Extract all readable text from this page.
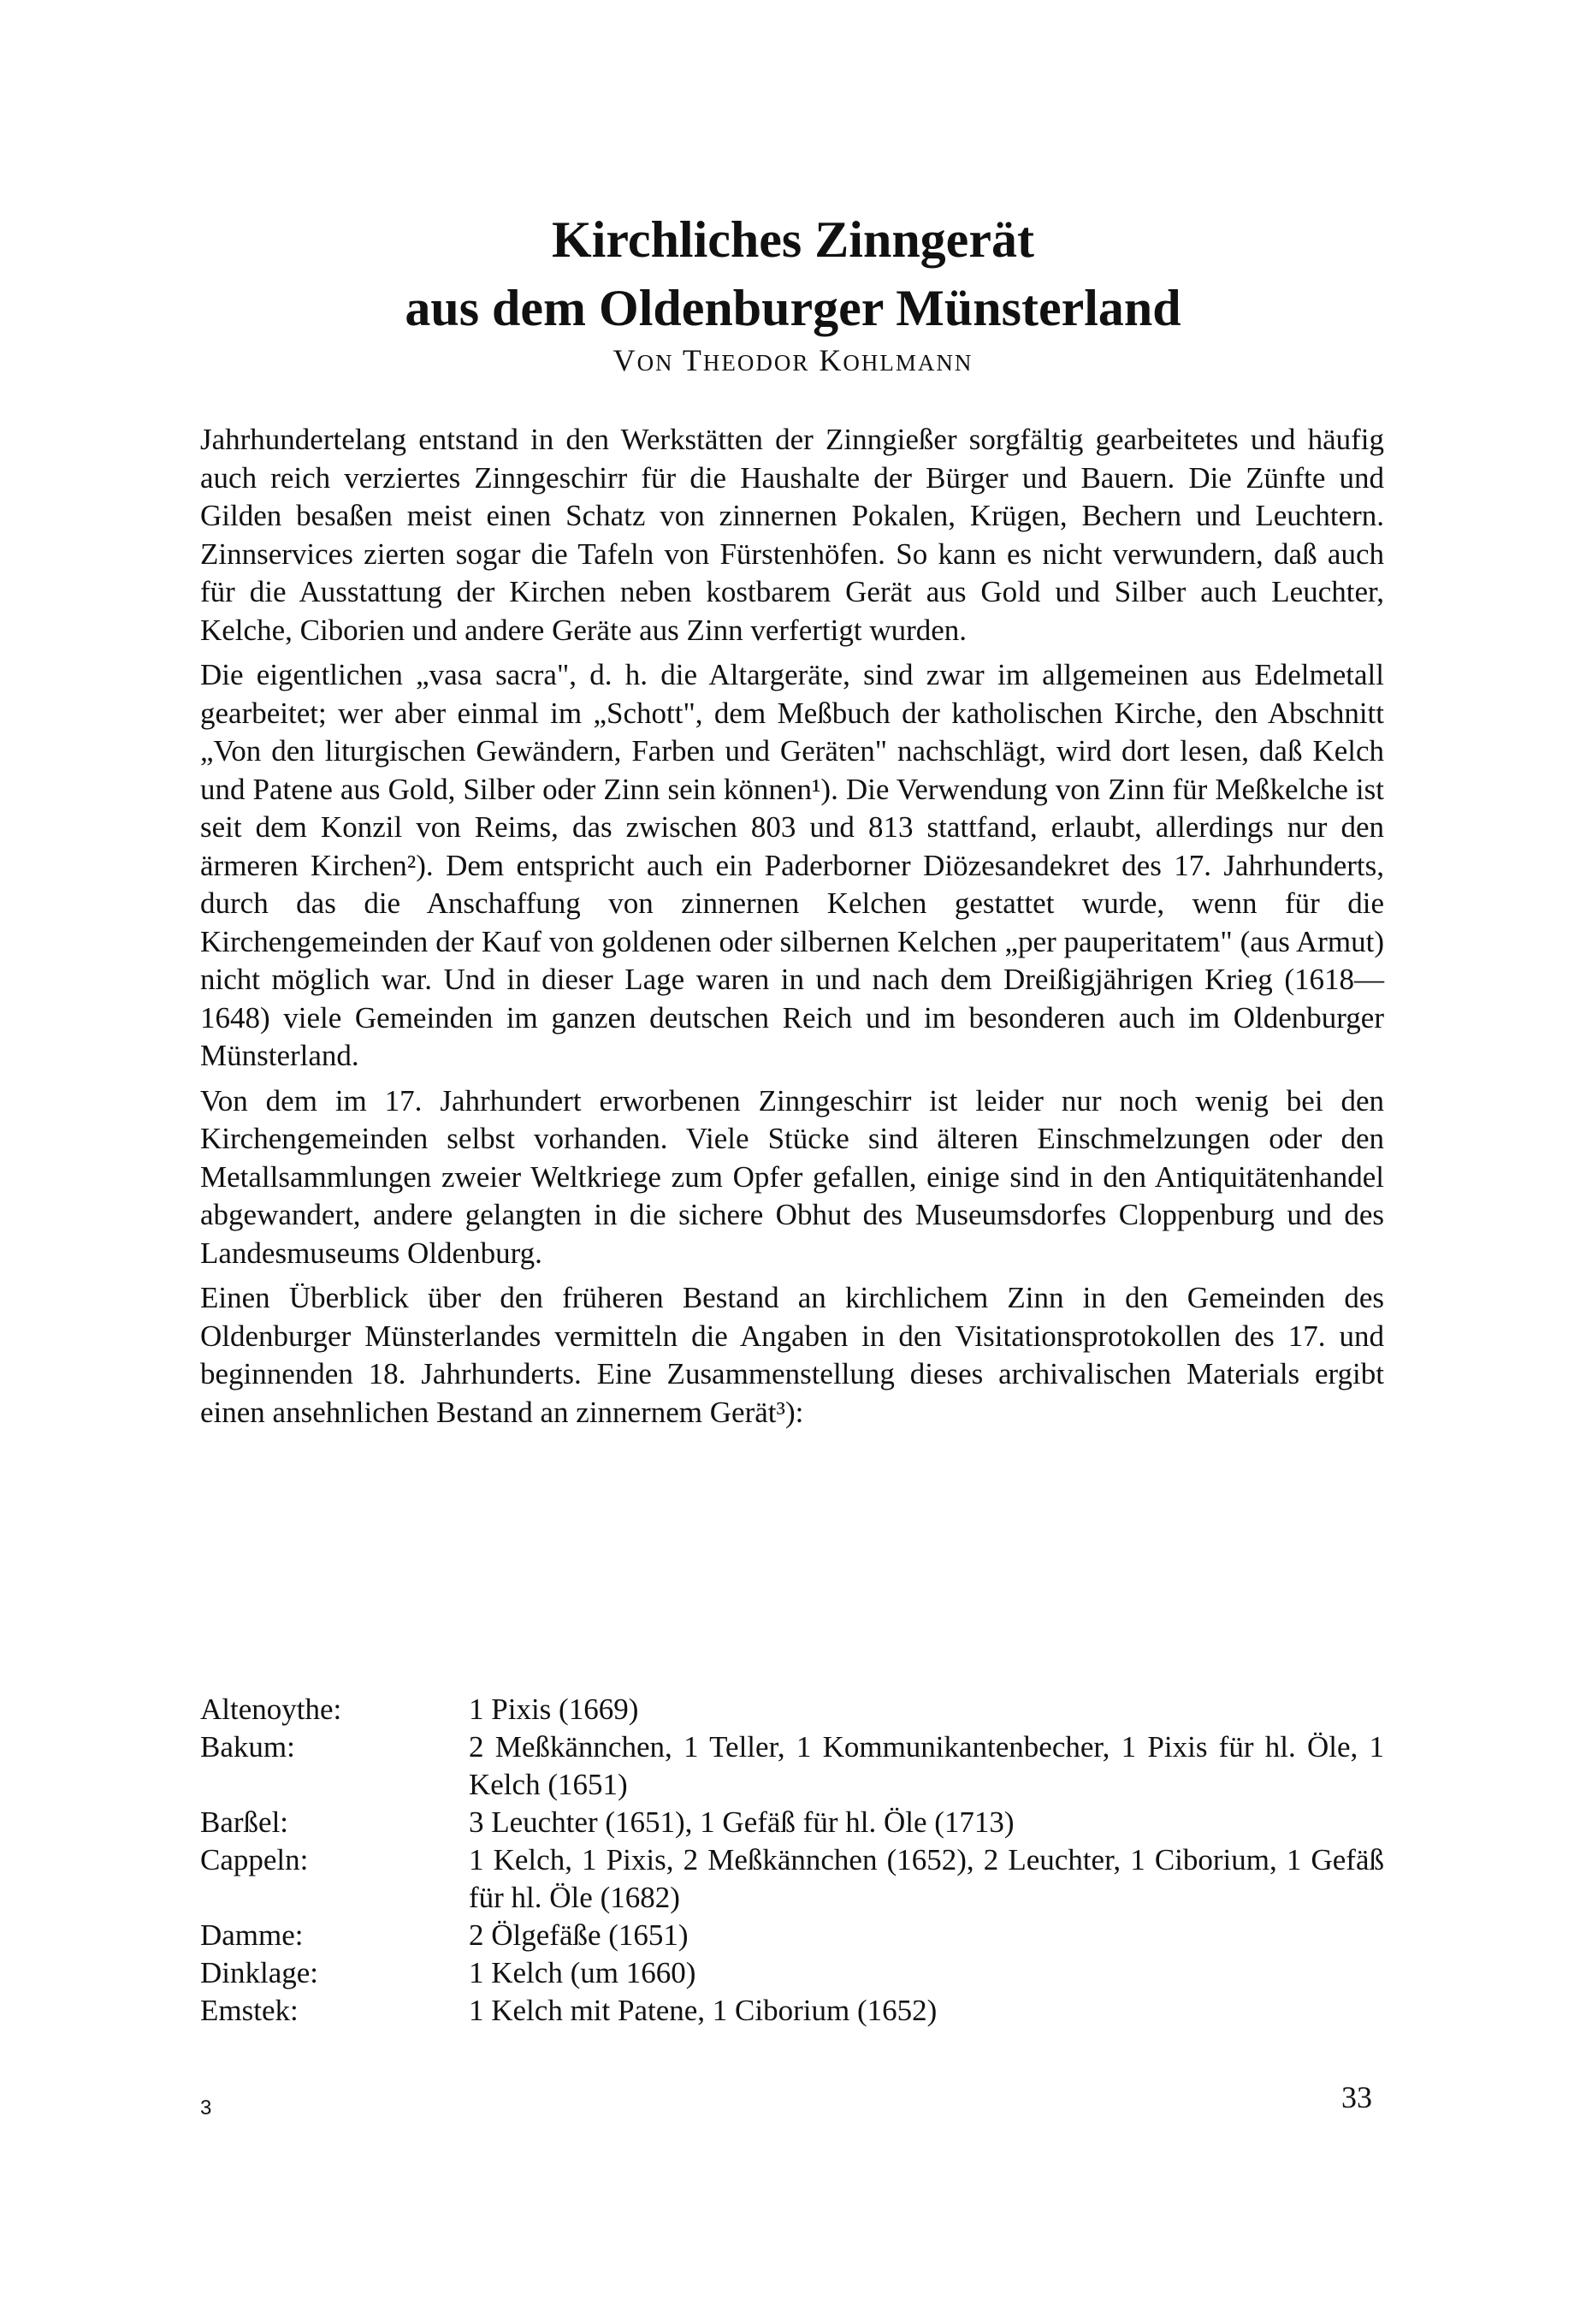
Kirchliches Zinngerät
aus dem Oldenburger Münsterland
VON THEODOR KOHLMANN

Jahrhundertelang entstand in den Werkstätten der Zinngießer sorgfältig gearbeitetes und häufig auch reich verziertes Zinngeschirr für die Haushalte der Bürger und Bauern. Die Zünfte und Gilden besaßen meist einen Schatz von zinnernen Pokalen, Krügen, Bechern und Leuchtern. Zinnservices zierten sogar die Tafeln von Fürstenhöfen. So kann es nicht verwundern, daß auch für die Ausstattung der Kirchen neben kostbarem Gerät aus Gold und Silber auch Leuchter, Kelche, Ciborien und andere Geräte aus Zinn verfertigt wurden.

Die eigentlichen „vasa sacra", d. h. die Altargeräte, sind zwar im allgemeinen aus Edelmetall gearbeitet; wer aber einmal im „Schott", dem Meßbuch der katholischen Kirche, den Abschnitt „Von den liturgischen Gewändern, Farben und Geräten" nachschlägt, wird dort lesen, daß Kelch und Patene aus Gold, Silber oder Zinn sein können¹). Die Verwendung von Zinn für Meßkelche ist seit dem Konzil von Reims, das zwischen 803 und 813 stattfand, erlaubt, allerdings nur den ärmeren Kirchen²). Dem entspricht auch ein Paderborner Diözesandekret des 17. Jahrhunderts, durch das die Anschaffung von zinnernen Kelchen gestattet wurde, wenn für die Kirchengemeinden der Kauf von goldenen oder silbernen Kelchen „per pauperitatem" (aus Armut) nicht möglich war. Und in dieser Lage waren in und nach dem Dreißigjährigen Krieg (1618—1648) viele Gemeinden im ganzen deutschen Reich und im besonderen auch im Oldenburger Münsterland.

Von dem im 17. Jahrhundert erworbenen Zinngeschirr ist leider nur noch wenig bei den Kirchengemeinden selbst vorhanden. Viele Stücke sind älteren Einschmelzungen oder den Metallsammlungen zweier Weltkriege zum Opfer gefallen, einige sind in den Antiquitätenhandel abgewandert, andere gelangten in die sichere Obhut des Museumsdorfes Cloppenburg und des Landesmuseums Oldenburg.

Einen Überblick über den früheren Bestand an kirchlichem Zinn in den Gemeinden des Oldenburger Münsterlandes vermitteln die Angaben in den Visitationsprotokollen des 17. und beginnenden 18. Jahrhunderts. Eine Zusammenstellung dieses archivalischen Materials ergibt einen ansehnlichen Bestand an zinnernem Gerät³):

Altenoythe:	1 Pixis (1669)
Bakum:	2 Meßkännchen, 1 Teller, 1 Kommunikantenbecher, 1 Pixis für hl. Öle, 1 Kelch (1651)
Barßel:	3 Leuchter (1651), 1 Gefäß für hl. Öle (1713)
Cappeln:	1 Kelch, 1 Pixis, 2 Meßkännchen (1652), 2 Leuchter, 1 Ciborium, 1 Gefäß für hl. Öle (1682)
Damme:	2 Ölgefäße (1651)
Dinklage:	1 Kelch (um 1660)
Emstek:	1 Kelch mit Patene, 1 Ciborium (1652)
3	33
